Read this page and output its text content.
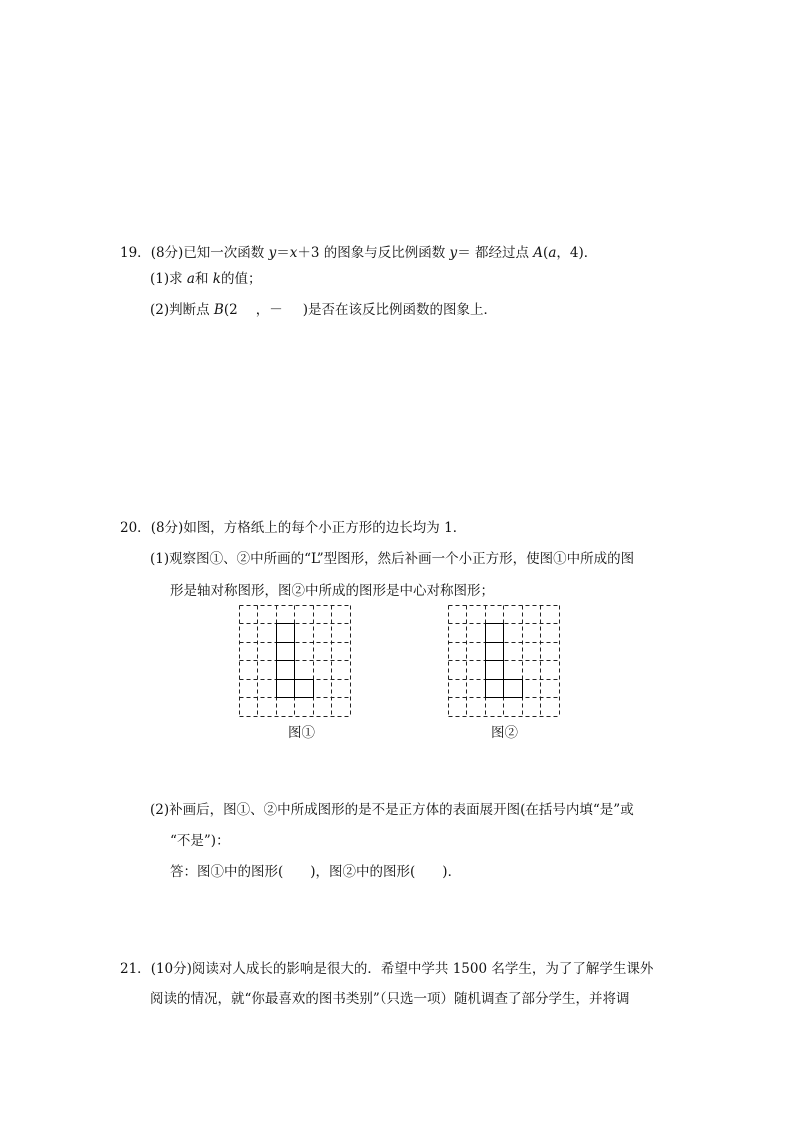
19．(8分)已知一次函数 y＝x＋3 的图象与反比例函数 y＝ 都经过点 A(a，4)．
(1)求 a和 k的值；
(2)判断点 B(2 ，－ )是否在该反比例函数的图象上．
20．(8分)如图，方格纸上的每个小正方形的边长均为 1．
(1)观察图①、②中所画的“L”型图形，然后补画一个小正方形，使图①中所成的图
形是轴对称图形，图②中所成的图形是中心对称图形；
图①	图②
(2)补画后，图①、②中所成图形的是不是正方体的表面展开图(在括号内填“是”或
“不是”)：
答：图①中的图形(　　)，图②中的图形(　　)．
21．(10分)阅读对人成长的影响是很大的．希望中学共 1500 名学生，为了了解学生课外
阅读的情况，就“你最喜欢的图书类别”（只选一项）随机调查了部分学生，并将调
